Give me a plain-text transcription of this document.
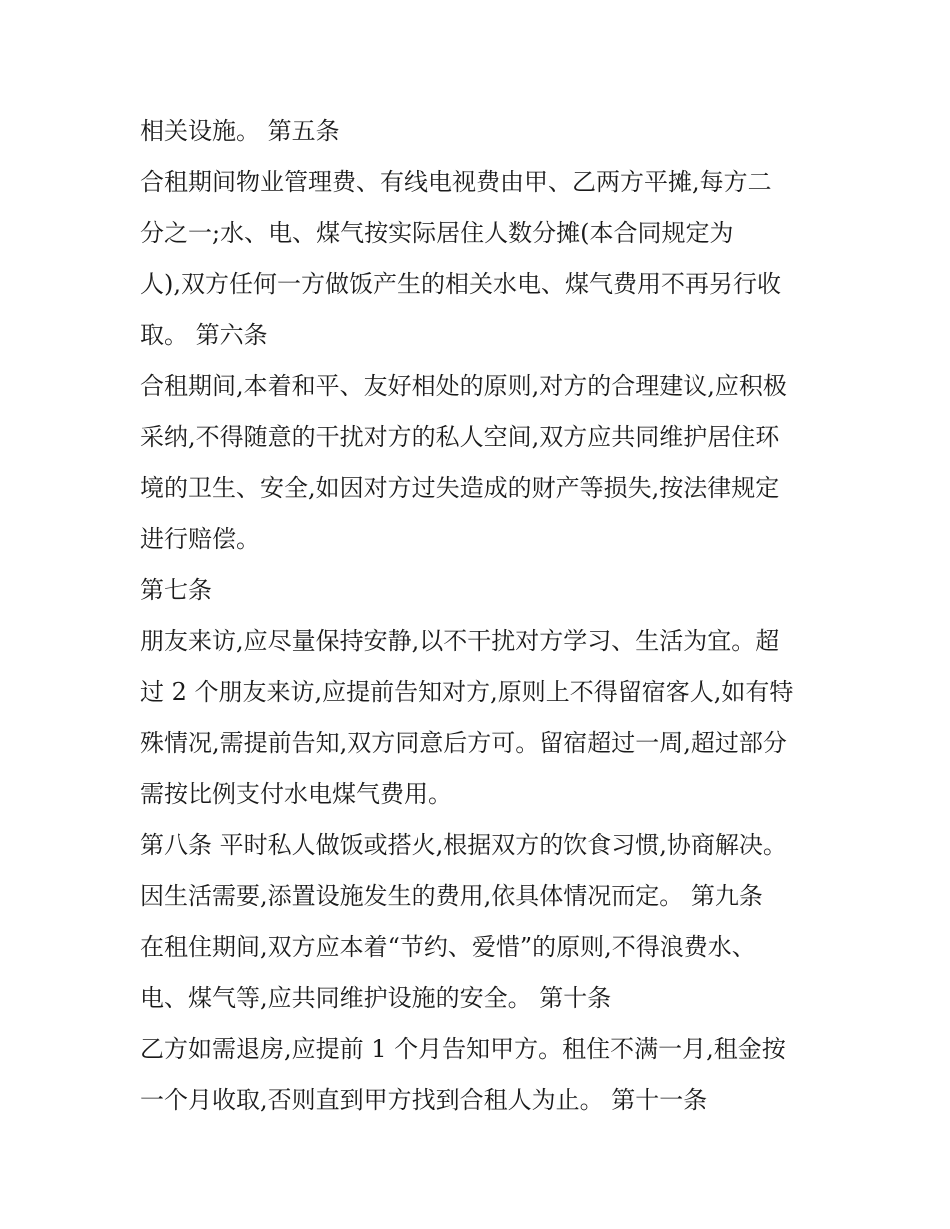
相关设施。 第五条
合租期间物业管理费、有线电视费由甲、乙两方平摊,每方二
分之一;水、电、煤气按实际居住人数分摊(本合同规定为
人),双方任何一方做饭产生的相关水电、煤气费用不再另行收
取。 第六条
合租期间,本着和平、友好相处的原则,对方的合理建议,应积极
采纳,不得随意的干扰对方的私人空间,双方应共同维护居住环
境的卫生、安全,如因对方过失造成的财产等损失,按法律规定
进行赔偿。
第七条
朋友来访,应尽量保持安静,以不干扰对方学习、生活为宜。超
过 2 个朋友来访,应提前告知对方,原则上不得留宿客人,如有特
殊情况,需提前告知,双方同意后方可。留宿超过一周,超过部分
需按比例支付水电煤气费用。
第八条 平时私人做饭或搭火,根据双方的饮食习惯,协商解决。
因生活需要,添置设施发生的费用,依具体情况而定。 第九条
在租住期间,双方应本着“节约、爱惜”的原则,不得浪费水、
电、煤气等,应共同维护设施的安全。 第十条
乙方如需退房,应提前 1 个月告知甲方。租住不满一月,租金按
一个月收取,否则直到甲方找到合租人为止。 第十一条
